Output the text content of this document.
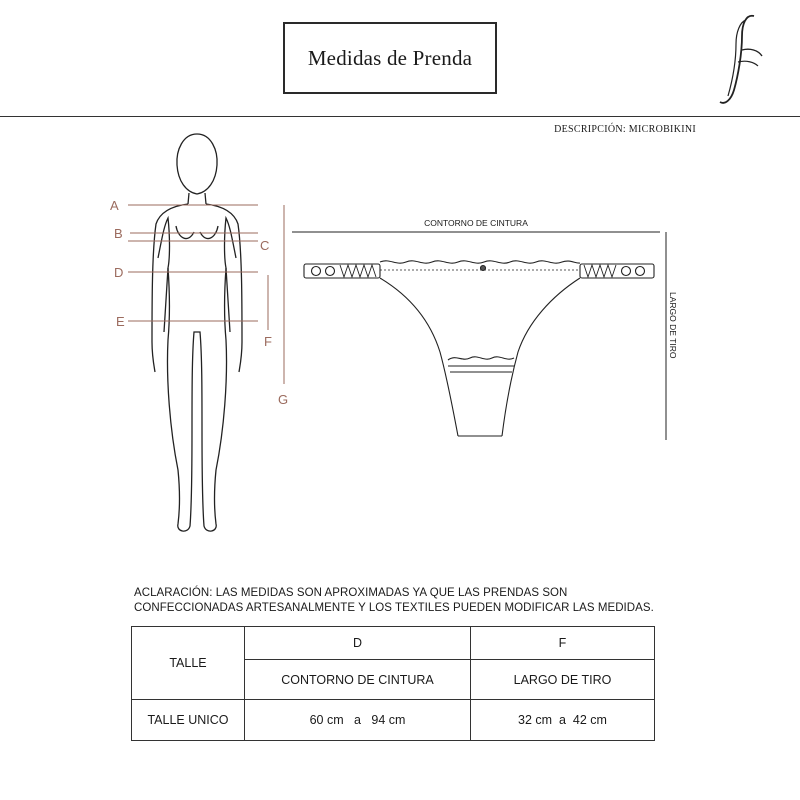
Medidas de Prenda
DESCRIPCIÓN: MICROBIKINI
A
B
C
D
E
F
G
CONTORNO DE CINTURA
LARGO DE TIRO
ACLARACIÓN: LAS MEDIDAS SON APROXIMADAS YA QUE LAS PRENDAS SON CONFECCIONADAS ARTESANALMENTE Y LOS TEXTILES PUEDEN MODIFICAR LAS MEDIDAS.
TALLE	D	F
	CONTORNO DE CINTURA	LARGO DE TIRO
TALLE UNICO	60 cm   a   94 cm	32 cm  a  42 cm
